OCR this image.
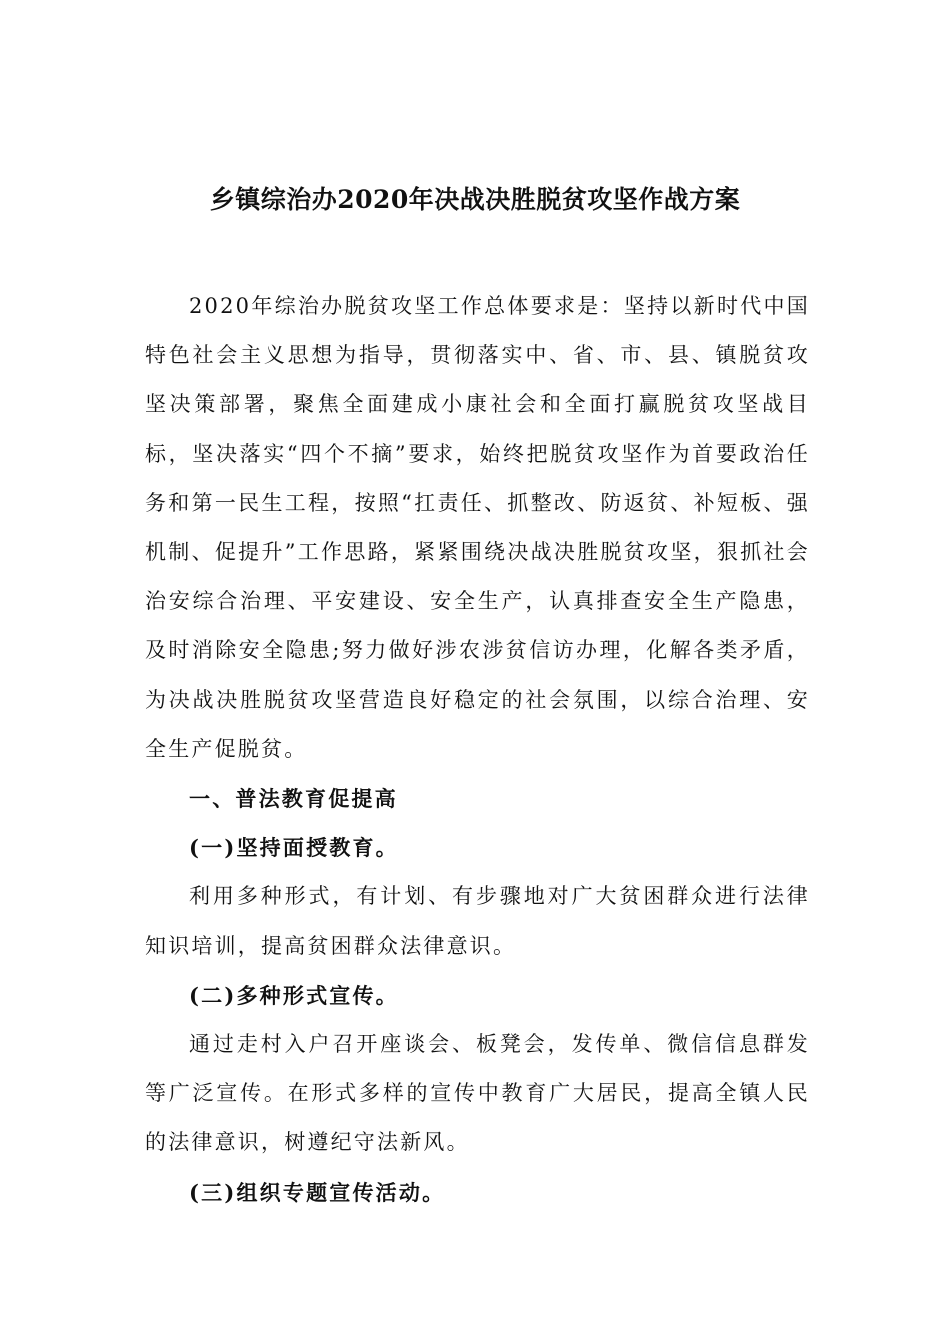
乡镇综治办2020年决战决胜脱贫攻坚作战方案

2020年综治办脱贫攻坚工作总体要求是：坚持以新时代中国特色社会主义思想为指导，贯彻落实中、省、市、县、镇脱贫攻坚决策部署，聚焦全面建成小康社会和全面打赢脱贫攻坚战目标，坚决落实“四个不摘”要求，始终把脱贫攻坚作为首要政治任务和第一民生工程，按照“扛责任、抓整改、防返贫、补短板、强机制、促提升”工作思路，紧紧围绕决战决胜脱贫攻坚，狠抓社会治安综合治理、平安建设、安全生产，认真排查安全生产隐患，及时消除安全隐患;努力做好涉农涉贫信访办理，化解各类矛盾，为决战决胜脱贫攻坚营造良好稳定的社会氛围，以综合治理、安全生产促脱贫。

一、普法教育促提高

(一)坚持面授教育。

利用多种形式，有计划、有步骤地对广大贫困群众进行法律知识培训，提高贫困群众法律意识。

(二)多种形式宣传。

通过走村入户召开座谈会、板凳会，发传单、微信信息群发等广泛宣传。在形式多样的宣传中教育广大居民，提高全镇人民的法律意识，树遵纪守法新风。

(三)组织专题宣传活动。
